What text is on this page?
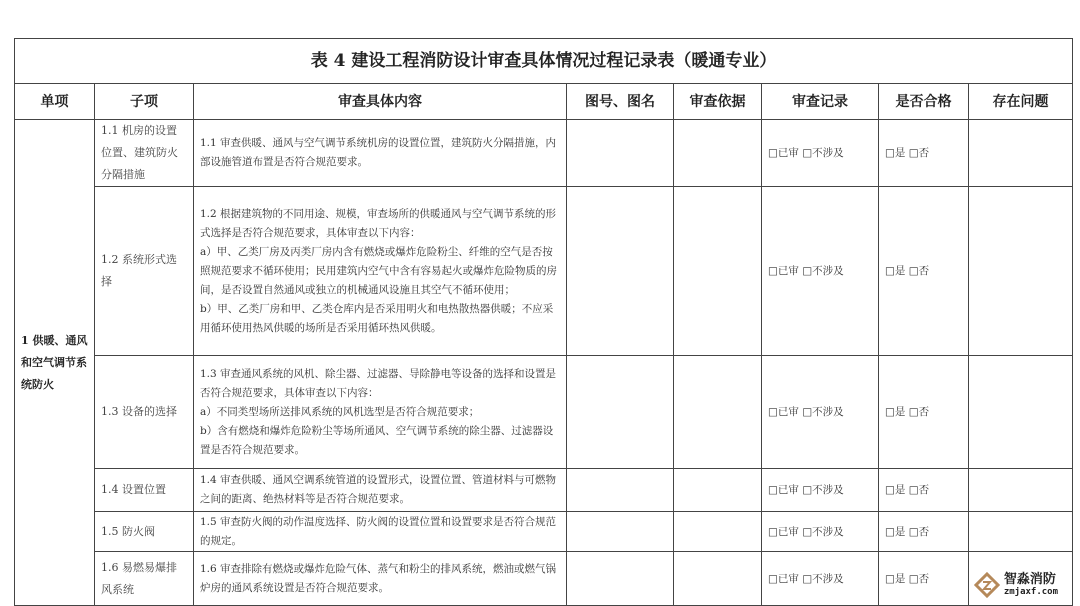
表 4 建设工程消防设计审查具体情况过程记录表（暖通专业）							
单项	子项	审查具体内容	图号、图名	审查依据	审查记录	是否合格	存在问题
1 供暖、通风和空气调节系统防火	1.1 机房的设置位置、建筑防火分隔措施	1.1 审查供暖、通风与空气调节系统机房的设置位置，建筑防火分隔措施，内部设施管道布置是否符合规范要求。			□已审 □不涉及	□是 □否	
	1.2 系统形式选择	1.2 根据建筑物的不同用途、规模，审查场所的供暖通风与空气调节系统的形式选择是否符合规范要求，具体审查以下内容：
a）甲、乙类厂房及丙类厂房内含有燃烧或爆炸危险粉尘、纤维的空气是否按照规范要求不循环使用；民用建筑内空气中含有容易起火或爆炸危险物质的房间，是否设置自然通风或独立的机械通风设施且其空气不循环使用；
b）甲、乙类厂房和甲、乙类仓库内是否采用明火和电热散热器供暖；不应采用循环使用热风供暖的场所是否采用循环热风供暖。			□已审 □不涉及	□是 □否	
	1.3 设备的选择	1.3 审查通风系统的风机、除尘器、过滤器、导除静电等设备的选择和设置是否符合规范要求，具体审查以下内容：
a）不同类型场所送排风系统的风机选型是否符合规范要求；
b）含有燃烧和爆炸危险粉尘等场所通风、空气调节系统的除尘器、过滤器设置是否符合规范要求。			□已审 □不涉及	□是 □否	
	1.4 设置位置	1.4 审查供暖、通风空调系统管道的设置形式，设置位置、管道材料与可燃物之间的距离、绝热材料等是否符合规范要求。			□已审 □不涉及	□是 □否	
	1.5 防火阀	1.5 审查防火阀的动作温度选择、防火阀的设置位置和设置要求是否符合规范的规定。			□已审 □不涉及	□是 □否	
	1.6 易燃易爆排风系统	1.6 审查排除有燃烧或爆炸危险气体、蒸气和粉尘的排风系统，燃油或燃气锅炉房的通风系统设置是否符合规范要求。			□已审 □不涉及	□是 □否		智淼消防
zmjaxf.com
